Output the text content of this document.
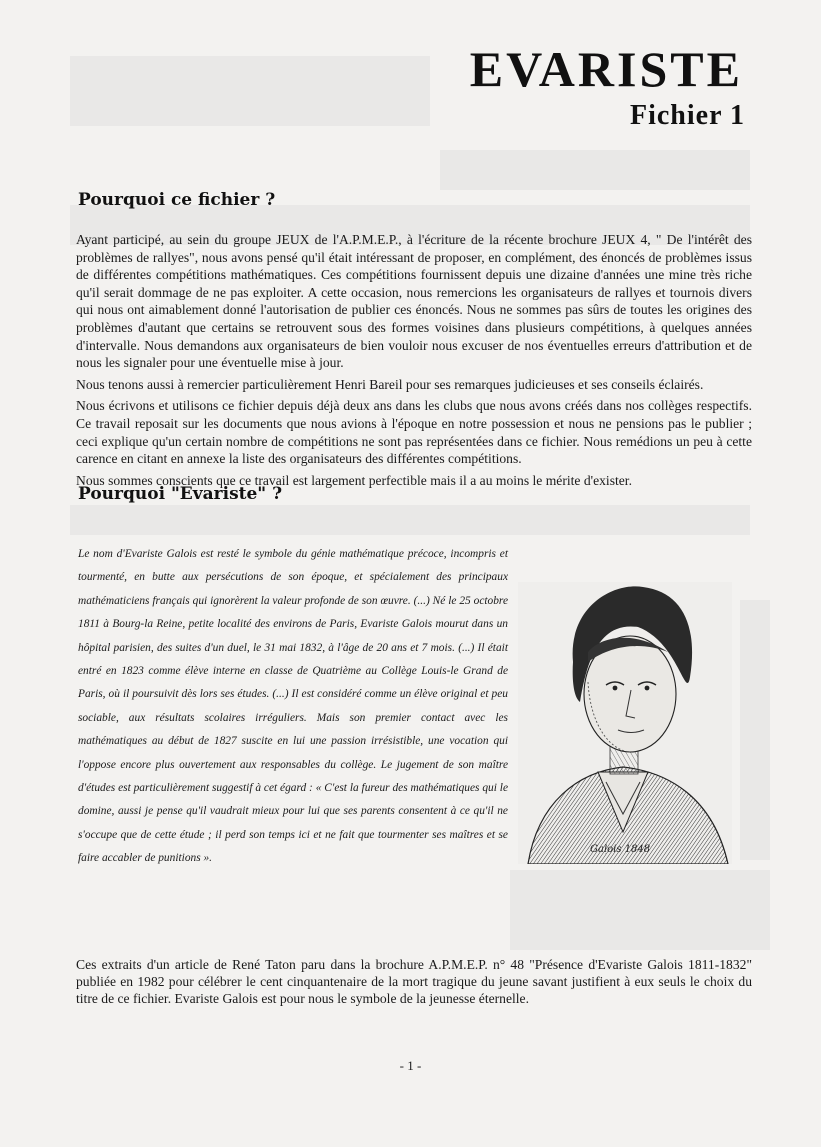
EVARISTE
Fichier 1
Pourquoi ce fichier ?

Ayant participé, au sein du groupe JEUX de l'A.P.M.E.P., à l'écriture de la récente brochure JEUX 4, " De l'intérêt des problèmes de rallyes", nous avons pensé qu'il était intéressant de proposer, en complément, des énoncés de problèmes issus de différentes compétitions mathématiques. Ces compétitions fournissent depuis une dizaine d'années une mine très riche qu'il serait dommage de ne pas exploiter. A cette occasion, nous remercions les organisateurs de rallyes et tournois divers qui nous ont aimablement donné l'autorisation de publier ces énoncés. Nous ne sommes pas sûrs de toutes les origines des problèmes d'autant que certains se retrouvent sous des formes voisines dans plusieurs compétitions, à quelques années d'intervalle. Nous demandons aux organisateurs de bien vouloir nous excuser de nos éventuelles erreurs d'attribution et de nous les signaler pour une éventuelle mise à jour.

Nous tenons aussi à remercier particulièrement Henri Bareil pour ses remarques judicieuses et ses conseils éclairés.

Nous écrivons et utilisons ce fichier depuis déjà deux ans dans les clubs que nous avons créés dans nos collèges respectifs. Ce travail reposait sur les documents que nous avions à l'époque en notre possession et nous ne pensions pas le publier ; ceci explique qu'un certain nombre de compétitions ne sont pas représentées dans ce fichier. Nous remédions un peu à cette carence en citant en annexe la liste des organisateurs des différentes compétitions.

Nous sommes conscients que ce travail est largement perfectible mais il a au moins le mérite d'exister.

Pourquoi "Evariste" ?

Le nom d'Evariste Galois est resté le symbole du génie mathématique précoce, incompris et tourmenté, en butte aux persécutions de son époque, et spécialement des principaux mathématiciens français qui ignorèrent la valeur profonde de son œuvre. (...) Né le 25 octobre 1811 à Bourg-la Reine, petite localité des environs de Paris, Evariste Galois mourut dans un hôpital parisien, des suites d'un duel, le 31 mai 1832, à l'âge de 20 ans et 7 mois. (...) Il était entré en 1823 comme élève interne en classe de Quatrième au Collège Louis-le Grand de Paris, où il poursuivit dès lors ses études. (...) Il est considéré comme un élève original et peu sociable, aux résultats scolaires irréguliers. Mais son premier contact avec les mathématiques au début de 1827 suscite en lui une passion irrésistible, une vocation qui l'oppose encore plus ouvertement aux responsables du collège. Le jugement de son maître d'études est particulièrement suggestif à cet égard : « C'est la fureur des mathématiques qui le domine, aussi je pense qu'il vaudrait mieux pour lui que ses parents consentent à ce qu'il ne s'occupe que de cette étude ; il perd son temps ici et ne fait que tourmenter ses maîtres et se faire accabler de punitions ».

Galois 1848

Ces extraits d'un article de René Taton paru dans la brochure A.P.M.E.P. n° 48 "Présence d'Evariste Galois 1811-1832" publiée en 1982 pour célébrer le cent cinquantenaire de la mort tragique du jeune savant justifient à eux seuls le choix du titre de ce fichier. Evariste Galois est pour nous le symbole de la jeunesse éternelle.

- 1 -
